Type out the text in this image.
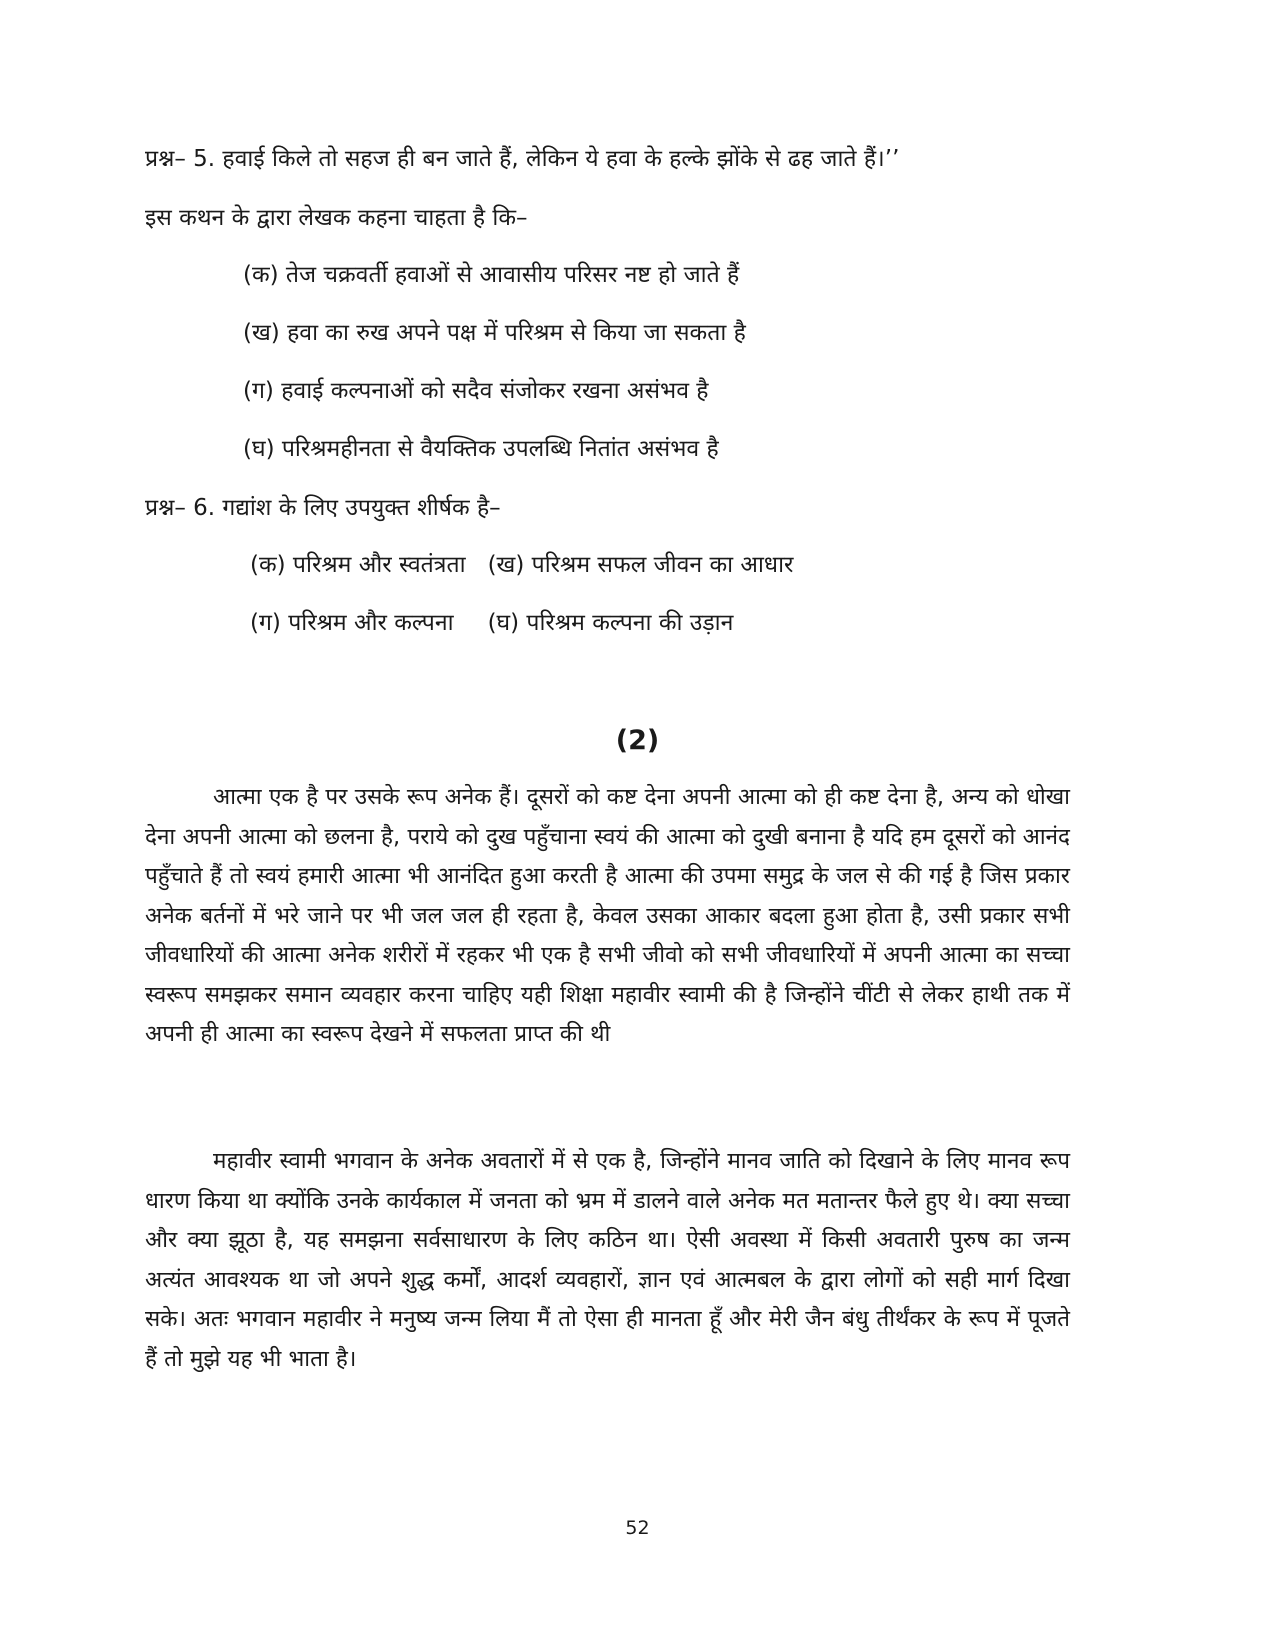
प्रश्न– 5. हवाई किले तो सहज ही बन जाते हैं, लेकिन ये हवा के हल्के झोंके से ढह जाते हैं।’’
इस कथन के द्वारा लेखक कहना चाहता है कि–
(क) तेज चक्रवर्ती हवाओं से आवासीय परिसर नष्ट हो जाते हैं
(ख) हवा का रुख अपने पक्ष में परिश्रम से किया जा सकता है
(ग) हवाई कल्पनाओं को सदैव संजोकर रखना असंभव है
(घ) परिश्रमहीनता से वैयक्तिक उपलब्धि नितांत असंभव है
प्रश्न– 6. गद्यांश के लिए उपयुक्त शीर्षक है–
(क) परिश्रम और स्वतंत्रता (ख) परिश्रम सफल जीवन का आधार
(ग) परिश्रम और कल्पना (घ) परिश्रम कल्पना की उड़ान
(2)

आत्मा एक है पर उसके रूप अनेक हैं। दूसरों को कष्ट देना अपनी आत्मा को ही कष्ट देना है, अन्य को धोखा देना अपनी आत्मा को छलना है, पराये को दुख पहुँचाना स्वयं की आत्मा को दुखी बनाना है यदि हम दूसरों को आनंद पहुँचाते हैं तो स्वयं हमारी आत्मा भी आनंदित हुआ करती है आत्मा की उपमा समुद्र के जल से की गई है जिस प्रकार अनेक बर्तनों में भरे जाने पर भी जल जल ही रहता है, केवल उसका आकार बदला हुआ होता है, उसी प्रकार सभी जीवधारियों की आत्मा अनेक शरीरों में रहकर भी एक है सभी जीवो को सभी जीवधारियों में अपनी आत्मा का सच्चा स्वरूप समझकर समान व्यवहार करना चाहिए यही शिक्षा महावीर स्वामी की है जिन्होंने चींटी से लेकर हाथी तक में अपनी ही आत्मा का स्वरूप देखने में सफलता प्राप्त की थी

महावीर स्वामी भगवान के अनेक अवतारों में से एक है, जिन्होंने मानव जाति को दिखाने के लिए मानव रूप धारण किया था क्योंकि उनके कार्यकाल में जनता को भ्रम में डालने वाले अनेक मत मतान्तर फैले हुए थे। क्या सच्चा और क्या झूठा है, यह समझना सर्वसाधारण के लिए कठिन था। ऐसी अवस्था में किसी अवतारी पुरुष का जन्म अत्यंत आवश्यक था जो अपने शुद्ध कर्मों, आदर्श व्यवहारों, ज्ञान एवं आत्मबल के द्वारा लोगों को सही मार्ग दिखा सके। अतः भगवान महावीर ने मनुष्य जन्म लिया मैं तो ऐसा ही मानता हूँ और मेरी जैन बंधु तीर्थंकर के रूप में पूजते हैं तो मुझे यह भी भाता है।

52
